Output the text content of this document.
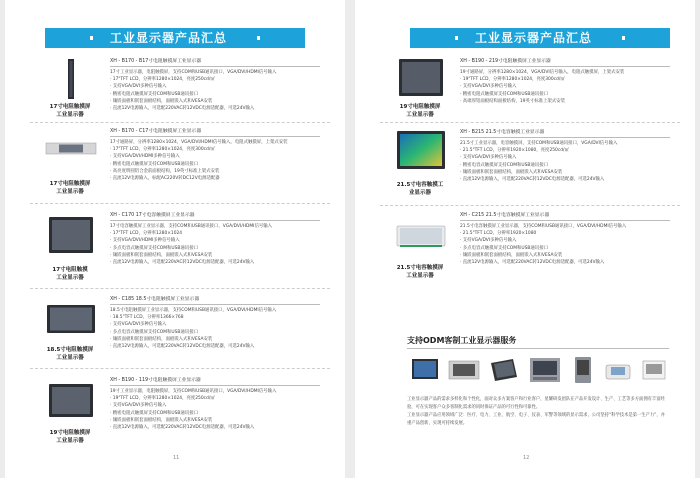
工业显示器产品汇总
17寸电阻触摸屏
工业显示器
XH - B170 - B17寸电阻触摸屏工业显示器
17寸工业显示器，电阻触摸屏，支持COM和USB通讯接口，VGA/DVI/HDMI信号输入
· 17"TFT LCD，分辨率1280×1024，亮度250cd/㎡
· 支持VGA/DVI多种信号输入
· 精密电阻式触摸屏支持COM和USB通讯接口
· 镶嵌面板和嵌套面板结构，面板嵌入式和VESA安装
· 直流12V电源输入，可选配220VAC转12VDC电源适配器，可选24V输入
17寸电阻触摸屏
工业显示器
XH - B170 - C17寸电阻触摸屏工业显示器
17寸通路屏，分辨率1280×1024，VGA/DVI/HDMI信号输入，电阻式触摸屏，上架式安装
· 17"TFT LCD，分辨率1280×1024，亮度300cd/㎡
· 支持VGA/DVI/HDMI多种信号输入
· 精密电阻式触摸屏支持COM和USB通讯接口
· 高亮度明圆铝合金前面板结构，19英寸标准上架式安装
· 直流12V电源输入，标配AC220V转DC12V电源适配器
17寸电阻触摸
工业显示器
XH - C170 17寸电容触摸屏工业显示器
17寸电容触摸屏工业显示器，支持COM和USB通讯接口，VGA/DVI/HDMI信号输入
· 17"TFT LCD，分辨率1280×1024
· 支持VGA/DVI/HDMI多种信号输入
· 多点电容式触摸屏支持COM和USB通讯接口
· 镶嵌面板和嵌套面板结构，面板嵌入式和VESA安装
· 直流12V电源输入，可选配220VAC转12VDC电源适配器，可选24V输入
18.5寸电阻触摸屏
工业显示器
XH - C185 18.5寸电阻触摸屏工业显示器
18.5寸电阻触摸屏工业显示器，支持COM和USB通讯接口，VGA/DVI/HDMI信号输入
· 18.5"TFT LCD，分辨率1366×768
· 支持VGA/DVI多种信号输入
· 多点电容式触摸屏支持COM和USB通讯接口
· 镶嵌面板和嵌套面板结构，面板嵌入式和VESA安装
· 直流12V电源输入，可选配220VAC转12VDC电源适配器，可选24V输入
19寸电阻触摸屏
工业显示器
XH - B190 - 119寸电阻触摸屏工业显示器
19寸工业显示器，电阻触摸屏，支持COM和USB通讯接口，VGA/DVI/HDMI信号输入
· 19"TFT LCD，分辨率1280×1024，亮度250cd/㎡
· 支持VGA/DVI多种信号输入
· 精密电阻式触摸屏支持COM和USB通讯接口
· 镶嵌面板和嵌套面板结构，面板嵌入式和VESA安装
· 直流12V电源输入，可选配220VAC转12VDC电源适配器，可选24V输入
11
工业显示器产品汇总
19寸电阻触摸屏
工业显示器
XH - B190 - 219寸电阻触摸屏工业显示器
19寸通路屏，分辨率1280×1024，VGA/DVI信号输入，电阻式触摸屏，上架式安装
· 19"TFT LCD，分辨率1280×1024，亮度300cd/㎡
· 支持VGA/DVI多种信号输入
· 精密电阻式触摸屏支持COM和USB通讯接口
· 高端厚铝面板结构面板结构，19英寸标准上架式安装
21.5寸电容触摸工
业显示器
XH - B215 21.5寸电容触摸工业显示器
21.5寸工业显示器，电容触摸屏，支持COM和USB通讯接口，VGA/DVI信号输入
· 21.5"TFT LCD，分辨率1920×1080，亮度250cd/㎡
· 支持VGA/DVI多种信号输入
· 精密电容式触摸屏支持COM和USB通讯接口
· 镶嵌面板和嵌套面板结构，面板嵌入式和VESA安装
· 直流12V电源输入，可选配220VAC转12VDC电源适配器，可选24V输入
21.5寸电容触摸屏
工业显示器
XH - C215 21.5寸电容触摸屏工业显示器
21.5寸电容触摸屏工业显示器，支持COM和USB通讯接口，VGA/DVI/HDMI信号输入
· 21.5"TFT LCD，分辨率1920×1080
· 支持VGA/DVI多种信号输入
· 多点电容式触摸屏支持COM和USB通讯接口
· 镶嵌面板和嵌套面板结构，面板嵌入式和VESA安装
· 直流12V电源输入，可选配220VAC转12VDC电源适配器，可选24V输入
支持ODM客制工业显示器服务
工业显示器产品的需求多样化和个性化，面对众多方案客户和行业客户，星耀研发团队在产品开发设计、生产、工艺等多方面拥有丰富经验，可在实现客户众多客制化需求的同时保证产品的可行性和可靠性。
工业显示器产品应用领域广泛：医疗、电力、工业、航空、电子、仪表、军警等领域的显示需求，公司坚持“科学技术是第一生产力”，并重产品创新，实现可持续发展。
12
